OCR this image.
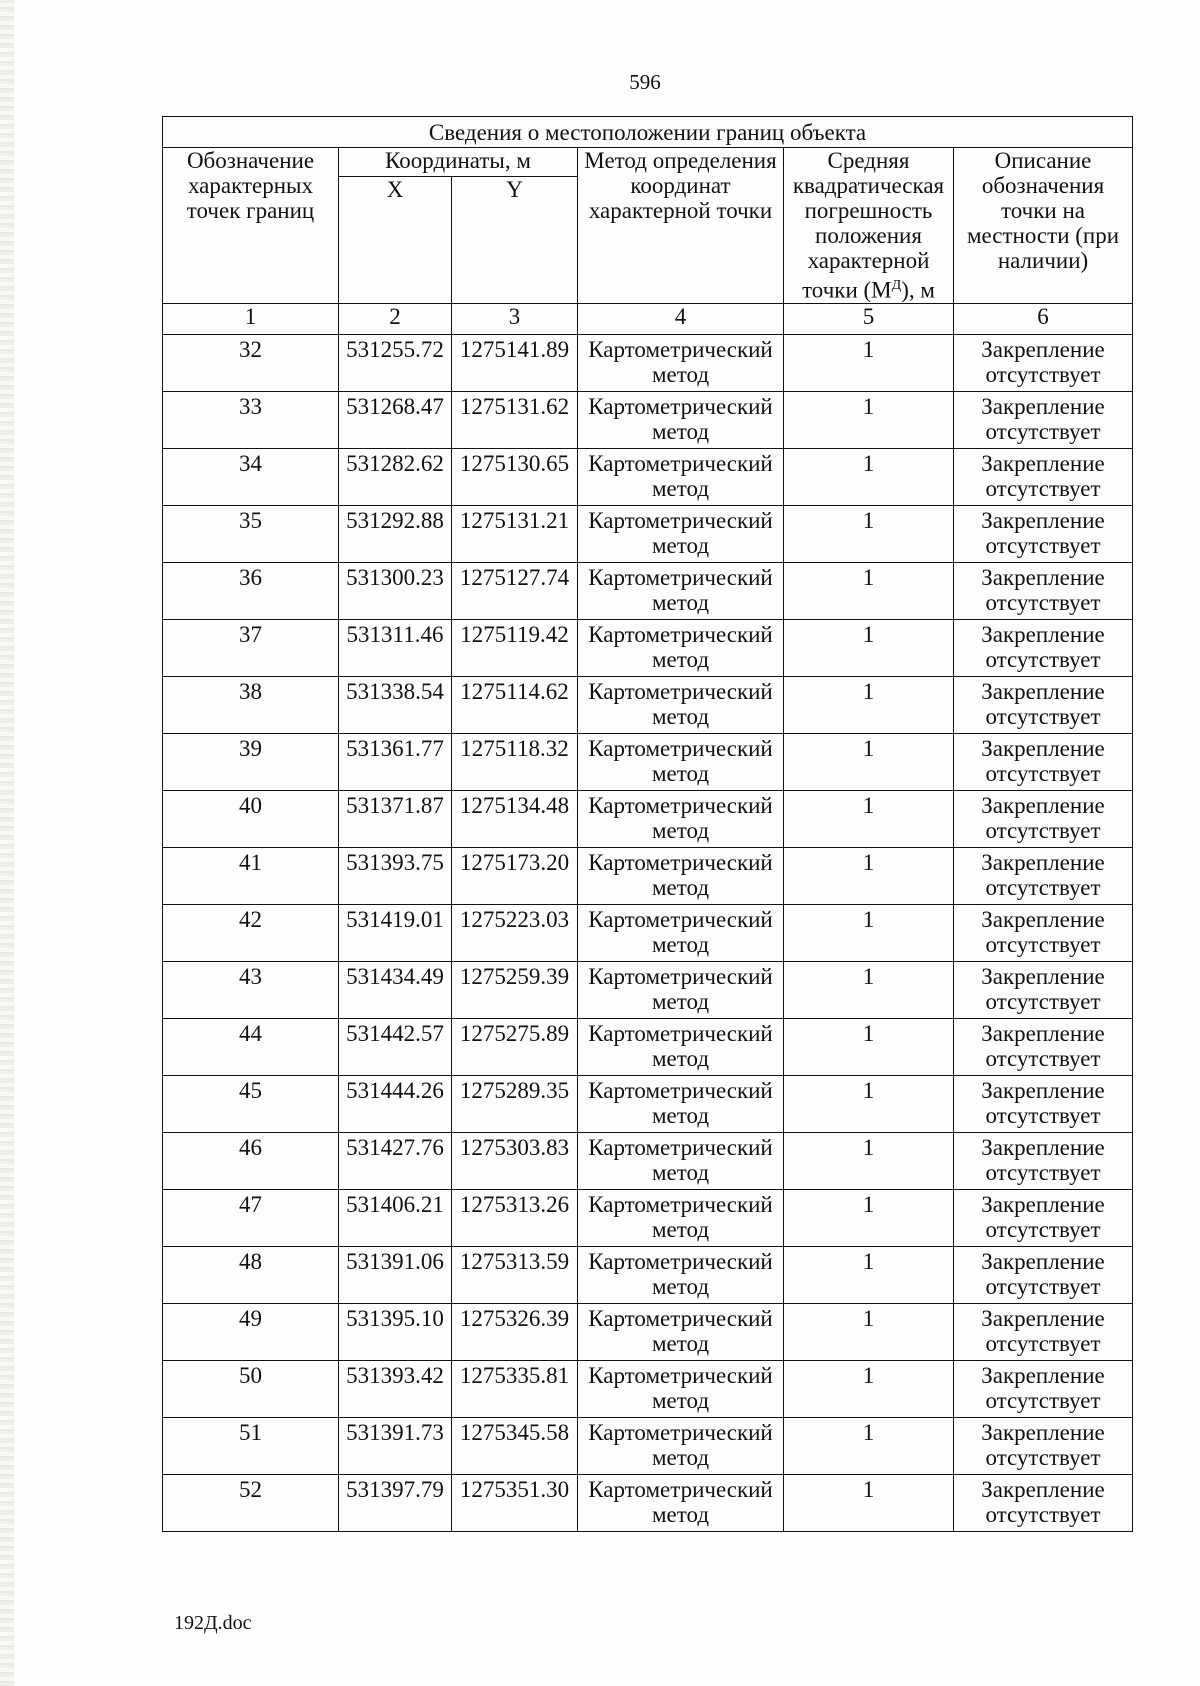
596
Сведения о местоположении границ объекта					
Обозначение характерных точек границ	Координаты, м		Метод определения координат характерной точки	Средняя квадратическая погрешность положения характерной точки $(M^Д)$, м	Описание обозначения точки на местности (при наличии)
	X	Y			
1	2	3	4	5	6
32	531255.72	1275141.89	Картометрический метод	1	Закрепление отсутствует
33	531268.47	1275131.62	Картометрический метод	1	Закрепление отсутствует
34	531282.62	1275130.65	Картометрический метод	1	Закрепление отсутствует
35	531292.88	1275131.21	Картометрический метод	1	Закрепление отсутствует
36	531300.23	1275127.74	Картометрический метод	1	Закрепление отсутствует
37	531311.46	1275119.42	Картометрический метод	1	Закрепление отсутствует
38	531338.54	1275114.62	Картометрический метод	1	Закрепление отсутствует
39	531361.77	1275118.32	Картометрический метод	1	Закрепление отсутствует
40	531371.87	1275134.48	Картометрический метод	1	Закрепление отсутствует
41	531393.75	1275173.20	Картометрический метод	1	Закрепление отсутствует
42	531419.01	1275223.03	Картометрический метод	1	Закрепление отсутствует
43	531434.49	1275259.39	Картометрический метод	1	Закрепление отсутствует
44	531442.57	1275275.89	Картометрический метод	1	Закрепление отсутствует
45	531444.26	1275289.35	Картометрический метод	1	Закрепление отсутствует
46	531427.76	1275303.83	Картометрический метод	1	Закрепление отсутствует
47	531406.21	1275313.26	Картометрический метод	1	Закрепление отсутствует
48	531391.06	1275313.59	Картометрический метод	1	Закрепление отсутствует
49	531395.10	1275326.39	Картометрический метод	1	Закрепление отсутствует
50	531393.42	1275335.81	Картометрический метод	1	Закрепление отсутствует
51	531391.73	1275345.58	Картометрический метод	1	Закрепление отсутствует
52	531397.79	1275351.30	Картометрический метод	1	Закрепление отсутствует
192Д.doc
